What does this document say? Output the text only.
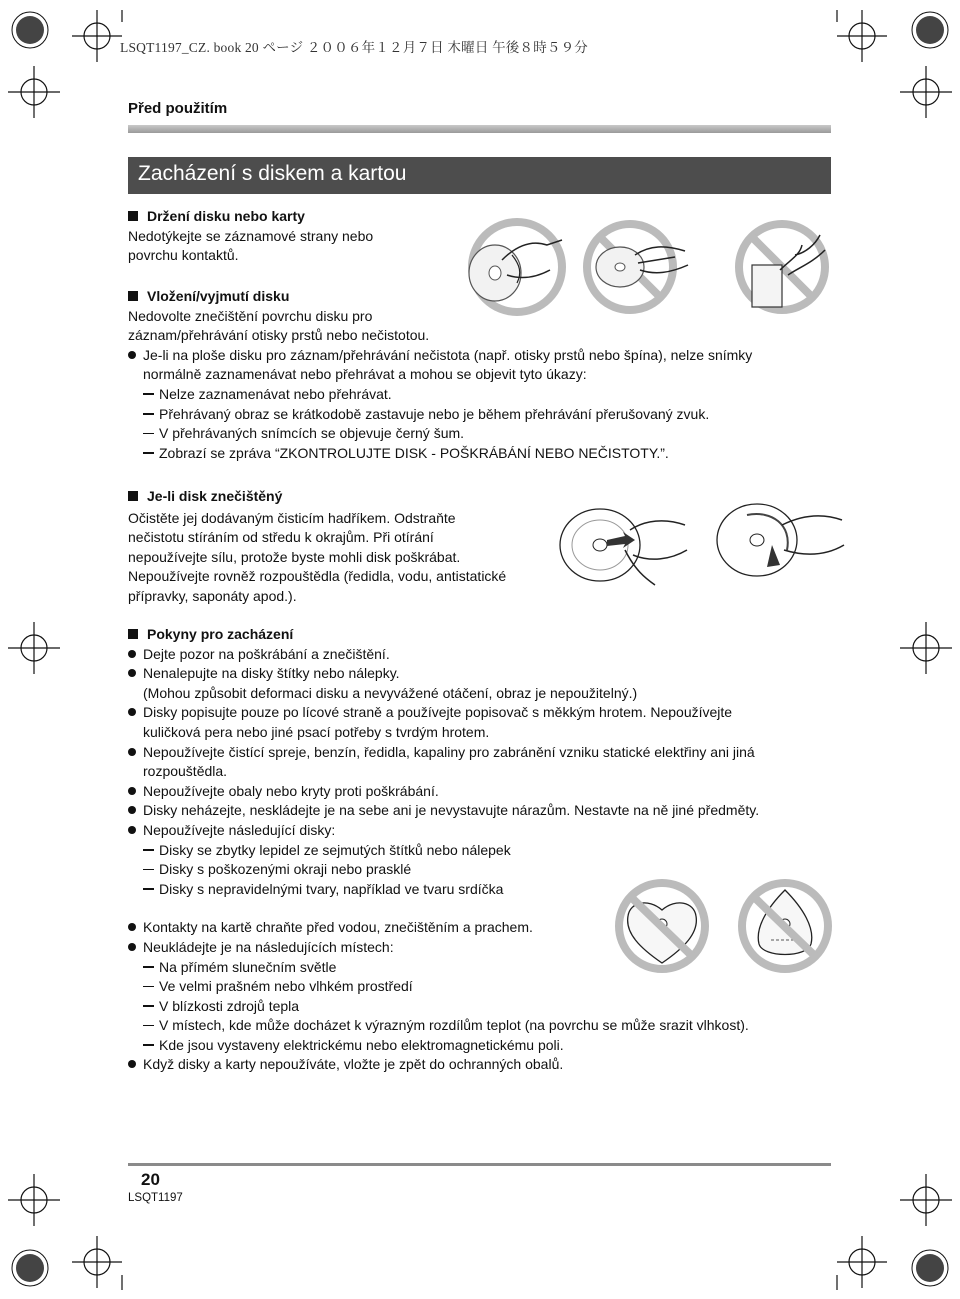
LSQT1197_CZ. book 20 ページ ２００６年１２月７日 木曜日 午後８時５９分
Před použitím
Zacházení s diskem a kartou
Držení disku nebo karty
Nedotýkejte se záznamové strany nebo
povrchu kontaktů.
Vložení/vyjmutí disku
Nedovolte znečištění povrchu disku pro
záznam/přehrávání otisky prstů nebo nečistotou.
Je-li na ploše disku pro záznam/přehrávání nečistota (např. otisky prstů nebo špína), nelze snímky
normálně zaznamenávat nebo přehrávat a mohou se objevit tyto úkazy:
Nelze zaznamenávat nebo přehrávat.
Přehrávaný obraz se krátkodobě zastavuje nebo je během přehrávání přerušovaný zvuk.
V přehrávaných snímcích se objevuje černý šum.
Zobrazí se zpráva “ZKONTROLUJTE DISK - POŠKRÁBÁNÍ NEBO NEČISTOTY.”.
Je-li disk znečištěný
Očistěte jej dodávaným čisticím hadříkem. Odstraňte
nečistotu stíráním od středu k okrajům. Při otírání
nepoužívejte sílu, protože byste mohli disk poškrábat.
Nepoužívejte rovněž rozpouštědla (ředidla, vodu, antistatické
přípravky, saponáty apod.).
Pokyny pro zacházení
Dejte pozor na poškrábání a znečištění.
Nenalepujte na disky štítky nebo nálepky.
(Mohou způsobit deformaci disku a nevyvážené otáčení, obraz je nepoužitelný.)
Disky popisujte pouze po lícové straně a používejte popisovač s měkkým hrotem. Nepoužívejte
kuličková pera nebo jiné psací potřeby s tvrdým hrotem.
Nepoužívejte čistící spreje, benzín, ředidla, kapaliny pro zabránění vzniku statické elektřiny ani jiná
rozpouštědla.
Nepoužívejte obaly nebo kryty proti poškrábání.
Disky neházejte, neskládejte je na sebe ani je nevystavujte nárazům. Nestavte na ně jiné předměty.
Nepoužívejte následující disky:
Disky se zbytky lepidel ze sejmutých štítků nebo nálepek
Disky s poškozenými okraji nebo prasklé
Disky s nepravidelnými tvary, například ve tvaru srdíčka
Kontakty na kartě chraňte před vodou, znečištěním a prachem.
Neukládejte je na následujících místech:
Na přímém slunečním světle
Ve velmi prašném nebo vlhkém prostředí
V blízkosti zdrojů tepla
V místech, kde může docházet k výrazným rozdílům teplot (na povrchu se může srazit vlhkost).
Kde jsou vystaveny elektrickému nebo elektromagnetickému poli.
Když disky a karty nepoužíváte, vložte je zpět do ochranných obalů.
20
LSQT1197
